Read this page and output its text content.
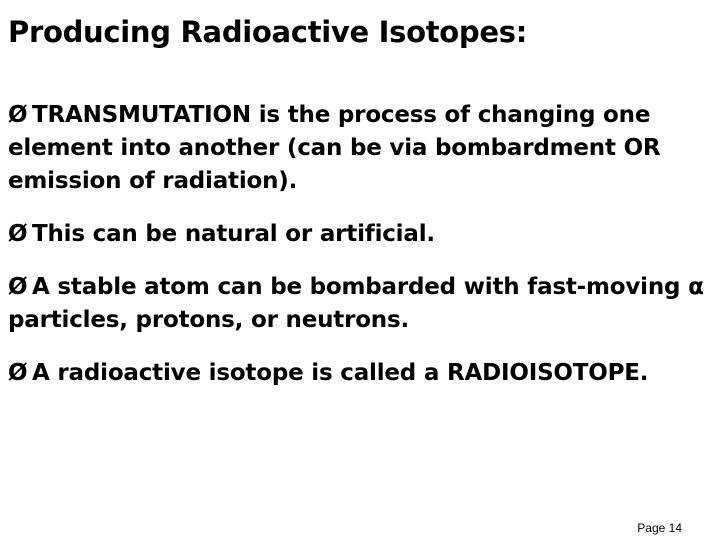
Producing Radioactive Isotopes:
Ø TRANSMUTATION is the process of changing one element into another (can be via bombardment OR emission of radiation).
Ø This can be natural or artificial.
Ø A stable atom can be bombarded with fast-moving α particles, protons, or neutrons.
Ø A radioactive isotope is called a RADIOISOTOPE.
Page 14
